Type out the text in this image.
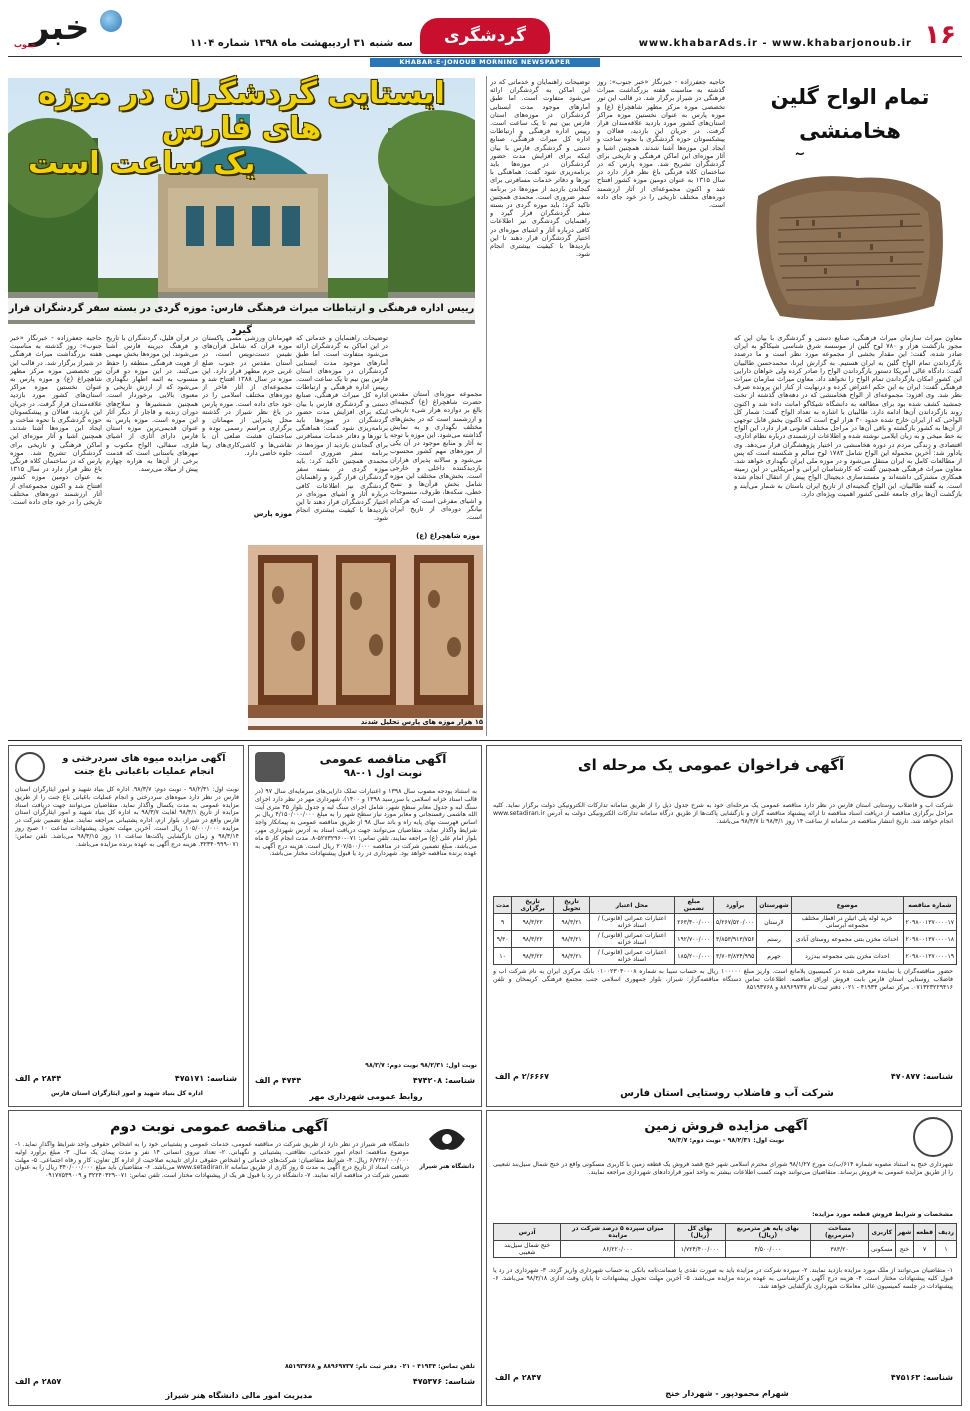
۱۶
www.khabarAds.ir - www.khabarjonoub.ir
گردشگری
سه شنبه ۳۱ اردیبهشت ماه ۱۳۹۸ شماره ۱۱۰۴
خبر
جنوب
KHABAR-E-JONOUB MORNING NEWSPAPER
تمام الواح گلین هخامنشی
معاون میراث سازمان میراث فرهنگی، صنایع دستی و گردشگری با بیان این که مجوز بازگشت هزار و ۷۸۰ لوح گلین از موسسه شرق شناسی شیکاگو به ایران صادر شده، گفت: این مقدار بخشی از مجموعه مورد نظر است و ما درصدد بازگرداندن تمام الواح گلین به ایران هستیم. به گزارش ایرنا، محمدحسن طالبیان گفت: دادگاه عالی آمریکا دستور بازگرداندن الواح را صادر کرده ولی خواهان دارایی این کشور امکان بازگرداندن تمام الواح را نخواهد داد. معاون میراث سازمان میراث فرهنگی گفت: ایران به این حکم اعتراض کرده و درنهایت از کنار این پرونده صرف نظر شد. وی افزود: مجموعه‌ای از الواح هخامنشی که در دهه‌های گذشته از تخت جمشید کشف شده بود برای مطالعه به دانشگاه شیکاگو امانت داده شد و اکنون روند بازگرداندن آن‌ها ادامه دارد. طالبیان با اشاره به تعداد الواح گفت: شمار کل الواحی که از ایران خارج شده حدود ۳۰ هزار لوح است که تاکنون بخش قابل توجهی از آن‌ها به کشور بازگشته و باقی آن‌ها در مراحل مختلف قانونی قرار دارد. این الواح به خط میخی و به زبان ایلامی نوشته شده و اطلاعات ارزشمندی درباره نظام اداری، اقتصادی و زندگی مردم در دوره هخامنشی در اختیار پژوهشگران قرار می‌دهد. وی یادآور شد: آخرین محموله این الواح شامل ۱۷۸۳ لوح سالم و شکسته است که پس از مطالعات کامل به ایران منتقل می‌شود و در موزه ملی ایران نگهداری خواهد شد. معاون میراث فرهنگی همچنین گفت که کارشناسان ایرانی و آمریکایی در این زمینه همکاری مشترکی داشته‌اند و مستندسازی دیجیتال الواح پیش از انتقال انجام شده است. به گفته طالبیان، این الواح گنجینه‌ای از تاریخ ایران باستان به شمار می‌آیند و بازگشت آن‌ها برای جامعه علمی کشور اهمیت ویژه‌ای دارد.
حاجیه جعفرزاده - خبرنگار «خبر جنوب»: روز گذشته به مناسبت هفته بزرگداشت میراث فرهنگی در شیراز برگزار شد. در قالب این تور تخصصی موزه مرکز مطهر شاهچراغ (ع) و موزه پارس به عنوان نخستین موزه مراکز استان‌های کشور مورد بازدید علاقه‌مندان قرار گرفت. در جریان این بازدید، فعالان و پیشکسوتان حوزه گردشگری با نحوه ساخت و ایجاد این موزه‌ها آشنا شدند. همچنین اشیا و آثار موزه‌ای این اماکن فرهنگی و تاریخی برای گردشگران تشریح شد. موزه پارس که در ساختمان کلاه فرنگی باغ نظر قرار دارد در سال ۱۳۱۵ به عنوان دومین موزه کشور افتتاح شد و اکنون مجموعه‌ای از آثار ارزشمند دوره‌های مختلف تاریخی را در خود جای داده است.
توضیحات راهنمایان و خدماتی که در این اماکن به گردشگران ارائه می‌شود متفاوت است. اما طبق آمارهای موجود مدت ایستایی گردشگران در موزه‌های استان فارس بین نیم تا یک ساعت است. رییس اداره فرهنگی و ارتباطات اداره کل میراث فرهنگی، صنایع دستی و گردشگری فارس با بیان اینکه برای افزایش مدت حضور گردشگران در موزه‌ها باید برنامه‌ریزی شود گفت: هماهنگی با تورها و دفاتر خدمات مسافرتی برای گنجاندن بازدید از موزه‌ها در برنامه سفر ضروری است. محمدی همچنین تاکید کرد: باید موزه گردی در بسته سفر گردشگران قرار گیرد و راهنمایان گردشگری نیز اطلاعات کافی درباره آثار و اشیای موزه‌ای در اختیار گردشگران قرار دهند تا این بازدیدها با کیفیت بیشتری انجام شود.
ایستایی گردشگران در موزه های فارس
یک ساعت است
رییس اداره فرهنگی و ارتباطات میراث فرهنگی فارس: موزه گردی در بسته سفر گردشگران قرار گیرد
مجموعه موزه‌ای آستان مقدس حضرت شاهچراغ (ع) گنجینه‌ای بالغ بر دوازده هزار شیء تاریخی و ارزشمند است که در بخش‌های مختلف نگهداری و به نمایش گذاشته می‌شود. این موزه با توجه به آثار و منابع موجود در آن یکی از موزه‌های مهم کشور محسوب می‌شود و سالانه پذیرای هزاران بازدیدکننده داخلی و خارجی است. بخش‌های مختلف این موزه شامل بخش قرآن‌ها و نسخ خطی، سکه‌ها، ظروف، منسوجات و اشیای مفرغی است که هرکدام بیانگر دوره‌ای از تاریخ ایران است.
موزه شاهچراغ (ع)
توضیحات راهنمایان و خدماتی که در این اماکن به گردشگران ارائه می‌شود متفاوت است. اما طبق آمارهای موجود مدت ایستایی گردشگران در موزه‌های استان فارس بین نیم تا یک ساعت است. رییس اداره فرهنگی و ارتباطات اداره کل میراث فرهنگی، صنایع دستی و گردشگری فارس با بیان اینکه برای افزایش مدت حضور گردشگران در موزه‌ها باید برنامه‌ریزی شود گفت: هماهنگی با تورها و دفاتر خدمات مسافرتی برای گنجاندن بازدید از موزه‌ها در برنامه سفر ضروری است. محمدی همچنین تاکید کرد: باید موزه گردی در بسته سفر گردشگران قرار گیرد و راهنمایان گردشگری نیز اطلاعات کافی درباره آثار و اشیای موزه‌ای در اختیار گردشگران قرار دهند تا این بازدیدها با کیفیت بیشتری انجام شود.
قهرمانان ورزشی مسی پاکستان موزه قرآن که شامل قرآن‌های نفیس دست‌نویس است، در آستان مقدس در جنوب ضلع غربی حرم مطهر قرار دارد. این موزه در سال ۱۳۸۸ افتتاح شد و مجموعه‌ای از آثار فاخر از دوره‌های مختلف اسلامی را در خود جای داده است. موزه پارس در باغ نظر شیراز در گذشته محل پذیرایی از مهمانان و برگزاری مراسم رسمی بوده و ساختمان هشت ضلعی آن با نقاشی‌ها و کاشی‌کاری‌های زیبا جلوه خاصی دارد.
موزه پارس
در قرآن قلیل، گردشگران با تاریخ و فرهنگ دیرینه فارس آشنا می‌شوند. این موزه‌ها بخش مهمی از هویت فرهنگی منطقه را حفظ می‌کنند. در این موزه دو قرآن منسوب به ائمه اطهار نگهداری می‌شود که از ارزش تاریخی و معنوی بالایی برخوردار است. همچنین شمشیرها و سلاح‌های دوران زندیه و قاجار از دیگر آثار این موزه است. موزه پارس به عنوان قدیمی‌ترین موزه استان فارس دارای آثاری از اشیای فلزی، سفالی، الواح مکتوب و مهرهای باستانی است که قدمت برخی از آن‌ها به هزاره چهارم پیش از میلاد می‌رسد.
حاجیه جعفرزاده - خبرنگار «خبر جنوب»: روز گذشته به مناسبت هفته بزرگداشت میراث فرهنگی در شیراز برگزار شد. در قالب این تور تخصصی موزه مرکز مطهر شاهچراغ (ع) و موزه پارس به عنوان نخستین موزه مراکز استان‌های کشور مورد بازدید علاقه‌مندان قرار گرفت. در جریان این بازدید، فعالان و پیشکسوتان حوزه گردشگری با نحوه ساخت و ایجاد این موزه‌ها آشنا شدند. همچنین اشیا و آثار موزه‌ای این اماکن فرهنگی و تاریخی برای گردشگران تشریح شد. موزه پارس که در ساختمان کلاه فرنگی باغ نظر قرار دارد در سال ۱۳۱۵ به عنوان دومین موزه کشور افتتاح شد و اکنون مجموعه‌ای از آثار ارزشمند دوره‌های مختلف تاریخی را در خود جای داده است.
۱۵ هزار موزه های پارس تحلیل شدند
آگهی فراخوان عمومی یک مرحله ای
شرکت آب و فاضلاب روستایی استان فارس در نظر دارد مناقصه عمومی یک مرحله‌ای خود به شرح جدول ذیل را از طریق سامانه تدارکات الکترونیکی دولت برگزار نماید. کلیه مراحل برگزاری مناقصه از دریافت اسناد مناقصه تا ارائه پیشنهاد مناقصه گران و بازگشایی پاکت‌ها از طریق درگاه سامانه تدارکات الکترونیکی دولت به آدرس www.setadiran.ir انجام خواهد شد. تاریخ انتشار مناقصه در سامانه از ساعت ۱۴ روز ۹۸/۳/۱ تا ۹۸/۳/۷ می‌باشد.
شماره مناقصه	موضوع	شهرستان	برآورد	مبلغ تضمین	محل اعتبار	تاریخ تحویل	تاریخ برگزاری	مدت
۲۰۹۸۰۰۱۳۷۰۰۰۰۱۷	خرید لوله پلی اتیلن در اقطار مختلف مجموعه آبرسانی	لارستان	۵/۲۶۷/۵۲۰/۰۰۰	۲۶۳/۴۰۰/۰۰۰	اعتبارات عمرانی (قانونی) / اسناد خزانه	۹۸/۳/۲۱	۹۸/۳/۲۲	۹
۲۰۹۸۰۰۱۳۷۰۰۰۰۱۸	احداث مخزن بتنی مجموعه روستای آبادی	رستم	۳/۸۵۳/۹۱۳/۷۵۶	۱۹۲/۷۰۰/۰۰۰	اعتبارات عمرانی (قانونی) / اسناد خزانه	۹۸/۳/۲۱	۹۸/۳/۲۲	۹/۳۰
۲۰۹۸۰۰۱۳۷۰۰۰۰۱۹	احداث مخزن بتنی مجموعه بیدزرد	جهرم	۳/۷۰۳/۸۳۴/۹۹۵	۱۸۵/۲۰۰/۰۰۰	اعتبارات عمرانی (قانونی) / اسناد خزانه	۹۸/۳/۲۱	۹۸/۳/۲۲	۱۰
حضور مناقصه‌گران یا نماینده معرفی شده در کمیسیون بلامانع است. واریز مبلغ ۱۰۰۰۰۰ ریال به حساب سیبا به شماره ۰۱۰۰۲۳۰۴۰۰۰۸ بانک مرکزی ایران به نام شرکت آب و فاضلاب روستایی استان فارس بابت فروش اوراق مناقصه. اطلاعات تماس دستگاه مناقصه‌گزار: شیراز، بلوار جمهوری اسلامی جنب مجتمع فرهنگی کریمخان و تلفن ۰۷۱۳۲۳۲۲۹۴۱۶. مرکز تماس ۴۱۹۳۴ - ۰۲۱، دفتر ثبت نام ۸۸۹۶۹۷۳۷ و ۸۵۱۹۳۷۶۸
۲/۶۶۶۷ م الف	شناسه: ۴۷۰۸۷۷
شرکت آب و فاضلاب روستایی استان فارس
آگهی مناقصه عمومی
نوبت اول ۰۱-۹۸
به استناد بودجه مصوب سال ۱۳۹۸ و اعتبارات تملک دارایی‌های سرمایه‌ای سال ۹۷ (در قالب اسناد خزانه اسلامی با سررسید ۱۳۹۸ و ۱۴۰۰)، شهرداری مهر در نظر دارد اجرای سنگ لبه و جدول معابر سطح شهر، شامل اجرای سنگ لبه و جدول بلوار ۴۵ متری آیت الله هاشمی رفسنجانی و معابر مورد نیاز سطح شهر را به مبلغ ۴/۱۵۰/۰۰۰/۰۰۰ ریال بر اساس فهرست بهای پایه راه و باند سال ۹۸ از طریق مناقصه عمومی به پیمانکار واجد شرایط واگذار نماید. متقاضیان می‌توانند جهت دریافت اسناد به آدرس شهرداری مهر، بلوار امام علی (ع) مراجعه نمایند. تلفن تماس: ۰۷۱-۵۲۷۳۲۹۶۰-۸. مدت انجام کار ۵ ماه می‌باشد. مبلغ تضمین شرکت در مناقصه ۲۰۷/۵۰۰/۰۰۰ ریال است. هزینه درج آگهی به عهده برنده مناقصه خواهد بود. شهرداری در رد یا قبول پیشنهادات مختار می‌باشد.
نوبت اول: ۹۸/۲/۳۱ نوبت دوم: ۹۸/۳/۷
شناسه: ۴۷۴۲۰۸
۴۷۴۴ م الف
روابط عمومی شهرداری مهر
آگهی مزایده میوه های سردرختی و انجام عملیات باغبانی باغ جنت
نوبت اول: ۹۸/۲/۳۱ - نوبت دوم: ۹۸/۳/۷. اداره کل بنیاد شهید و امور ایثارگران استان فارس در نظر دارد میوه‌های سردرختی و انجام عملیات باغبانی باغ جنت را از طریق مزایده عمومی به مدت یکسال واگذار نماید. متقاضیان می‌توانند جهت دریافت اسناد مزایده از تاریخ ۹۸/۳/۱ لغایت ۹۸/۳/۷ به اداره کل بنیاد شهید و امور ایثارگران استان فارس واقع در شیراز، بلوار ارم، اداره پشتیبانی مراجعه نمایند. مبلغ تضمین شرکت در مزایده ۱۰۵/۰۰۰/۰۰۰ ریال است. آخرین مهلت تحویل پیشنهادات ساعت ۱۰ صبح روز ۹۸/۳/۱۴ و زمان بازگشایی پاکت‌ها ساعت ۱۱ روز ۹۸/۳/۱۵ می‌باشد. تلفن تماس: ۰۷۱-۳۲۳۴۰۹۹۹. هزینه درج آگهی به عهده برنده مزایده می‌باشد.
شناسه: ۴۷۵۱۷۱
۲۸۴۴ م الف
اداره کل بنیاد شهید و امور ایثارگران استان فارس
آگهی مزایده فروش زمین
نوبت اول: ۹۸/۲/۳۱ - نوبت دوم: ۹۸/۳/۷
شهرداری خنج به استناد مصوبه شماره ۶۱۴/ب/ت مورخ ۹۸/۱/۲۷ شورای محترم اسلامی شهر خنج قصد فروش یک قطعه زمین با کاربری مسکونی واقع در خنج شمال سیل‌بند شعیبی را از طریق مزایده عمومی به فروش برساند. متقاضیان می‌توانند جهت کسب اطلاعات بیشتر به واحد امور قراردادهای شهرداری مراجعه نمایند.
مشخصات و شرایط فروش قطعه مورد مزایده:
ردیف	قطعه	شهر	کاربری	مساحت (مترمربع)	بهای پایه هر مترمربع (ریال)	بهای کل (ریال)	میزان سپرده ۵ درصد شرکت در مزایده	آدرس
۱	۷	خنج	مسکونی	۳۸۳/۲۰	۴/۵۰۰/۰۰۰	۱/۷۲۴/۴۰۰/۰۰۰	۸۶/۲۲۰/۰۰۰	خنج شمال سیل‌بند شعیبی
۱- متقاضیان می‌توانند از ملک مورد مزایده بازدید نمایند. ۲- سپرده شرکت در مزایده باید به صورت نقدی یا ضمانت‌نامه بانکی به حساب شهرداری واریز گردد. ۳- شهرداری در رد یا قبول کلیه پیشنهادات مختار است. ۴- هزینه درج آگهی و کارشناسی به عهده برنده مزایده می‌باشد. ۵- آخرین مهلت تحویل پیشنهادات تا پایان وقت اداری ۹۸/۳/۱۸ می‌باشد. ۶- پیشنهادات در جلسه کمیسیون عالی معاملات شهرداری بازگشایی خواهد شد.
شناسه: ۴۷۵۱۶۳
۲۸۴۷ م الف
شهرام محمودپور - شهردار خنج
دانشگاه هنر شیراز
آگهی مناقصه عمومی نوبت دوم
دانشگاه هنر شیراز در نظر دارد از طریق شرکت در مناقصه عمومی، خدمات عمومی و پشتیبانی خود را به اشخاص حقوقی واجد شرایط واگذار نماید. ۱- موضوع مناقصه: انجام امور خدماتی، نظافتی، پشتیبانی و نگهبانی. ۲- تعداد نیروی انسانی ۱۴ نفر و مدت پیمان یک سال. ۳- مبلغ برآورد اولیه ۶/۷۲۶/۰۰۰/۰۰۰ ریال. ۴- شرایط متقاضیان: شرکت‌های خدماتی و اشخاص حقوقی دارای تاییدیه صلاحیت از اداره کل تعاون، کار و رفاه اجتماعی. ۵- مهلت دریافت اسناد از تاریخ درج آگهی به مدت ۵ روز کاری از طریق سامانه www.setadiran.ir می‌باشد. ۶- متقاضیان باید مبلغ ۳۴۰/۰۰۰/۰۰۰ ریال را به عنوان تضمین شرکت در مناقصه ارائه نمایند. ۷- دانشگاه در رد یا قبول هر یک از پیشنهادات مختار است. تلفن تماس: ۰۷۱-۳۲۲۴۰۳۲۹ و ۰۹۱۷۷۵۳۹۰۰۹
تلفن تماس: ۴۱۹۳۴ - ۰۲۱ دفتر ثبت نام: ۸۸۹۶۹۷۳۷ و ۸۵۱۹۳۷۶۸
شناسه: ۴۷۵۳۷۶
۲۸۵۷ م الف
مدیریت امور مالی دانشگاه هنر شیراز
